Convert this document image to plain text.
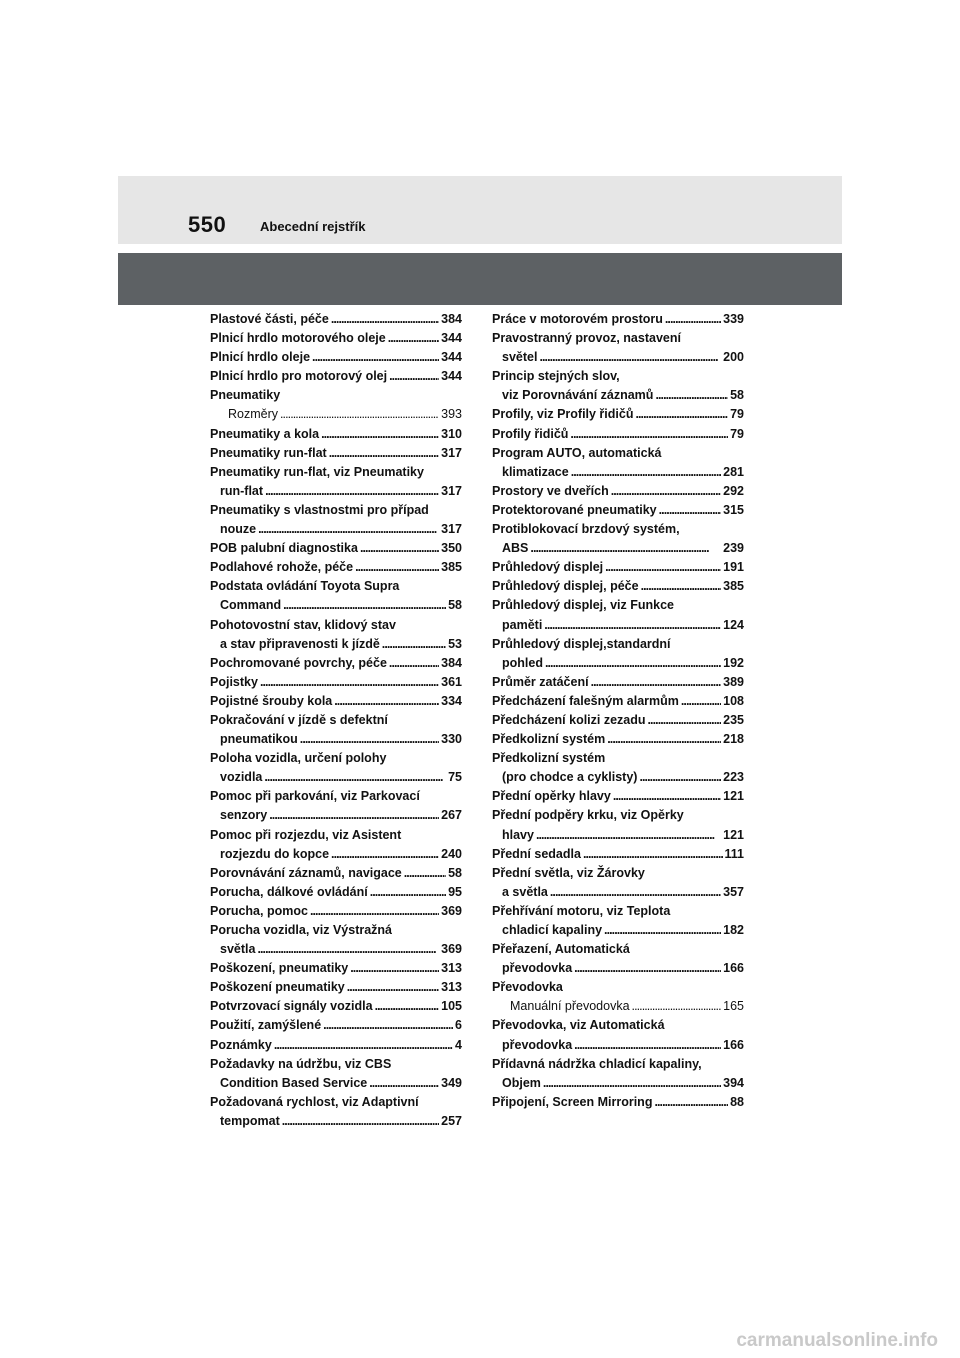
550	Abecední rejstřík
Plastové části, péče . . .	384
Plnicí hrdlo motorového oleje . . .	344
Plnicí hrdlo oleje . . .	344
Plnicí hrdlo pro motorový olej . . .	344
Pneumatiky
Rozměry . . .	393
Pneumatiky a kola . . .	310
Pneumatiky run-flat . . .	317
Pneumatiky run-flat, viz Pneumatiky
run-flat . . .	317
Pneumatiky s vlastnostmi pro případ
nouze . . .	317
POB palubní diagnostika . . .	350
Podlahové rohože, péče . . .	385
Podstata ovládání Toyota Supra
Command . . .	58
Pohotovostní stav, klidový stav
a stav připravenosti k jízdě . . .	53
Pochromované povrchy, péče . . .	384
Pojistky . . .	361
Pojistné šrouby kola . . .	334
Pokračování v jízdě s defektní
pneumatikou . . .	330
Poloha vozidla, určení polohy
vozidla . . .	75
Pomoc při parkování, viz Parkovací
senzory . . .	267
Pomoc při rozjezdu, viz Asistent
rozjezdu do kopce . . .	240
Porovnávání záznamů, navigace . . .	58
Porucha, dálkové ovládání . . .	95
Porucha, pomoc . . .	369
Porucha vozidla, viz Výstražná
světla . . .	369
Poškození, pneumatiky . . .	313
Poškození pneumatiky . . .	313
Potvrzovací signály vozidla . . .	105
Použití, zamýšlené . . .	6
Poznámky . . .	4
Požadavky na údržbu, viz CBS
Condition Based Service . . .	349
Požadovaná rychlost, viz Adaptivní
tempomat . . .	257
Práce v motorovém prostoru . . .	339
Pravostranný provoz, nastavení
světel . . .	200
Princip stejných slov,
viz Porovnávání záznamů . . .	58
Profily, viz Profily řidičů . . .	79
Profily řidičů . . .	79
Program AUTO, automatická
klimatizace . . .	281
Prostory ve dveřích . . .	292
Protektorované pneumatiky . . .	315
Protiblokovací brzdový systém,
ABS . . .	239
Průhledový displej . . .	191
Průhledový displej, péče . . .	385
Průhledový displej, viz Funkce
paměti . . .	124
Průhledový displej,standardní
pohled . . .	192
Průměr zatáčení . . .	389
Předcházení falešným alarmům . . .	108
Předcházení kolizi zezadu . . .	235
Předkolizní systém . . .	218
Předkolizní systém
(pro chodce a cyklisty) . . .	223
Přední opěrky hlavy . . .	121
Přední podpěry krku, viz Opěrky
hlavy . . .	121
Přední sedadla . . .	111
Přední světla, viz Žárovky
a světla . . .	357
Přehřívání motoru, viz Teplota
chladicí kapaliny . . .	182
Přeřazení, Automatická
převodovka . . .	166
Převodovka
Manuální převodovka . . .	165
Převodovka, viz Automatická
převodovka . . .	166
Přídavná nádržka chladicí kapaliny,
Objem . . .	394
Připojení, Screen Mirroring . . .	88
carmanualsonline.info
